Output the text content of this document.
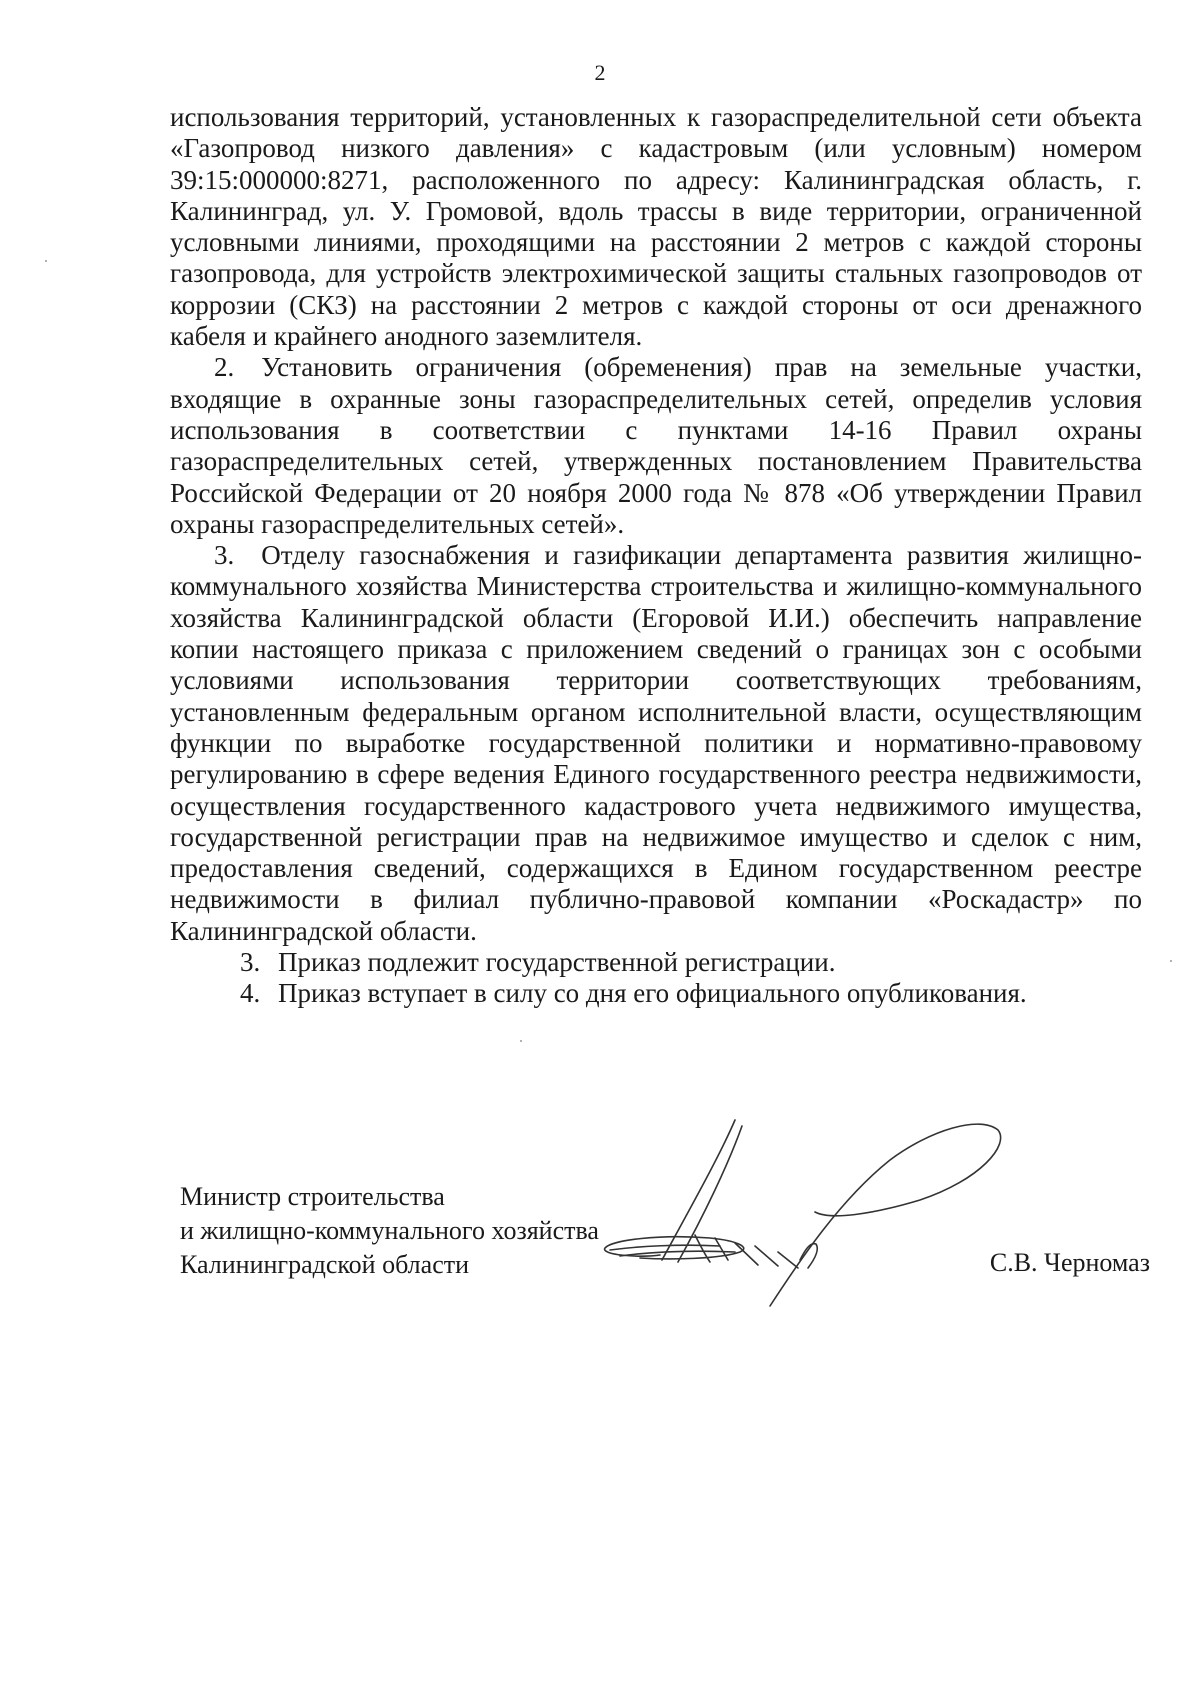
2

использования территорий, установленных к газораспределительной сети объекта «Газопровод низкого давления» с кадастровым (или условным) номером 39:15:000000:8271, расположенного по адресу: Калининградская область, г. Калининград, ул. У. Громовой, вдоль трассы в виде территории, ограниченной условными линиями, проходящими на расстоянии 2 метров с каждой стороны газопровода, для устройств электрохимической защиты стальных газопроводов от коррозии (СКЗ) на расстоянии 2 метров с каждой стороны от оси дренажного кабеля и крайнего анодного заземлителя.

2. Установить ограничения (обременения) прав на земельные участки, входящие в охранные зоны газораспределительных сетей, определив условия использования в соответствии с пунктами 14-16 Правил охраны газораспределительных сетей, утвержденных постановлением Правительства Российской Федерации от 20 ноября 2000 года № 878 «Об утверждении Правил охраны газораспределительных сетей».

3. Отделу газоснабжения и газификации департамента развития жилищно-коммунального хозяйства Министерства строительства и жилищно-коммунального хозяйства Калининградской области (Егоровой И.И.) обеспечить направление копии настоящего приказа с приложением сведений о границах зон с особыми условиями использования территории соответствующих требованиям, установленным федеральным органом исполнительной власти, осуществляющим функции по выработке государственной политики и нормативно-правовому регулированию в сфере ведения Единого государственного реестра недвижимости, осуществления государственного кадастрового учета недвижимого имущества, государственной регистрации прав на недвижимое имущество и сделок с ним, предоставления сведений, содержащихся в Едином государственном реестре недвижимости в филиал публично-правовой компании «Роскадастр» по Калининградской области.

3. Приказ подлежит государственной регистрации.

4. Приказ вступает в силу со дня его официального опубликования.

Министр строительства
и жилищно-коммунального хозяйства
Калининградской области	С.В. Черномаз
